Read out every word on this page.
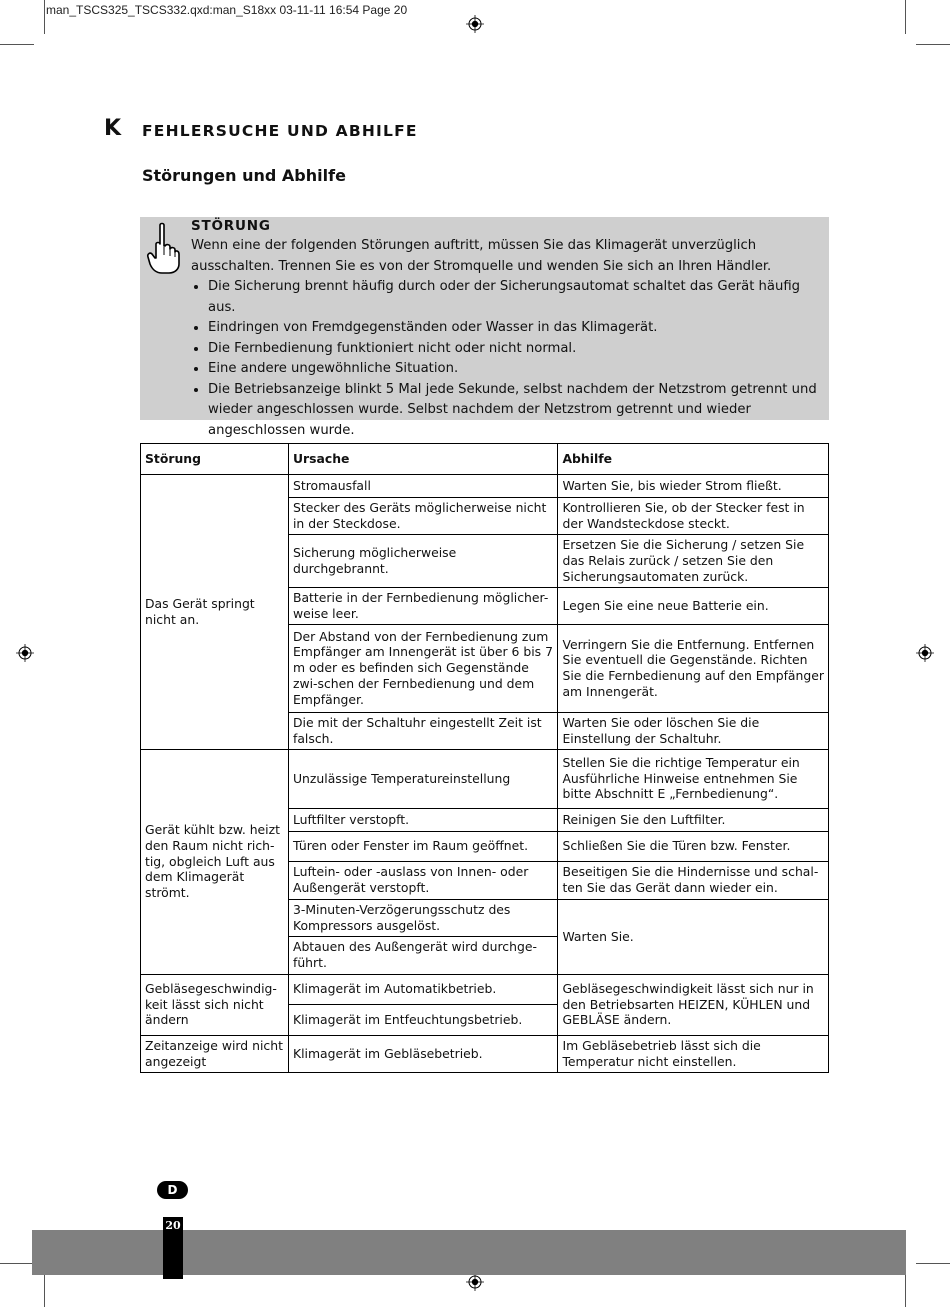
man_TSCS325_TSCS332.qxd:man_S18xx 03-11-11 16:54 Page 20
K FEHLERSUCHE UND ABHILFE
Störungen und Abhilfe
STÖRUNG
Wenn eine der folgenden Störungen auftritt, müssen Sie das Klimagerät unverzüglich ausschalten. Trennen Sie es von der Stromquelle und wenden Sie sich an Ihren Händler.
• Die Sicherung brennt häufig durch oder der Sicherungsautomat schaltet das Gerät häufig aus.
• Eindringen von Fremdgegenständen oder Wasser in das Klimagerät.
• Die Fernbedienung funktioniert nicht oder nicht normal.
• Eine andere ungewöhnliche Situation.
• Die Betriebsanzeige blinkt 5 Mal jede Sekunde, selbst nachdem der Netzstrom getrennt und wieder angeschlossen wurde. Selbst nachdem der Netzstrom getrennt und wieder angeschlossen wurde.
Störung	Ursache	Abhilfe
Das Gerät springt nicht an.	Stromausfall	Warten Sie, bis wieder Strom fließt.
	Stecker des Geräts möglicherweise nicht in der Steckdose.	Kontrollieren Sie, ob der Stecker fest in der Wandsteckdose steckt.
	Sicherung möglicherweise durchgebrannt.	Ersetzen Sie die Sicherung / setzen Sie das Relais zurück / setzen Sie den Sicherungsautomaten zurück.
	Batterie in der Fernbedienung möglicher-weise leer.	Legen Sie eine neue Batterie ein.
	Der Abstand von der Fernbedienung zum Empfänger am Innengerät ist über 6 bis 7 m oder es befinden sich Gegenstände zwi-schen der Fernbedienung und dem Empfänger.	Verringern Sie die Entfernung. Entfernen Sie eventuell die Gegenstände. Richten Sie die Fernbedienung auf den Empfänger am Innengerät.
	Die mit der Schaltuhr eingestellt Zeit ist falsch.	Warten Sie oder löschen Sie die Einstellung der Schaltuhr.
Gerät kühlt bzw. heizt den Raum nicht rich-tig, obgleich Luft aus dem Klimagerät strömt.	Unzulässige Temperatureinstellung	Stellen Sie die richtige Temperatur ein Ausführliche Hinweise entnehmen Sie bitte Abschnitt E „Fernbedienung“.
	Luftfilter verstopft.	Reinigen Sie den Luftfilter.
	Türen oder Fenster im Raum geöffnet.	Schließen Sie die Türen bzw. Fenster.
	Luftein- oder -auslass von Innen- oder Außengerät verstopft.	Beseitigen Sie die Hindernisse und schal-ten Sie das Gerät dann wieder ein.
	3-Minuten-Verzögerungsschutz des Kompressors ausgelöst.	Warten Sie.
	Abtauen des Außengerät wird durchge-führt.	
Gebläsegeschwindig-keit lässt sich nicht ändern	Klimagerät im Automatikbetrieb.	Gebläsegeschwindigkeit lässt sich nur in den Betriebsarten HEIZEN, KÜHLEN und GEBLÄSE ändern.
	Klimagerät im Entfeuchtungsbetrieb.	
Zeitanzeige wird nicht angezeigt	Klimagerät im Gebläsebetrieb.	Im Gebläsebetrieb lässt sich die Temperatur nicht einstellen.
D
20
